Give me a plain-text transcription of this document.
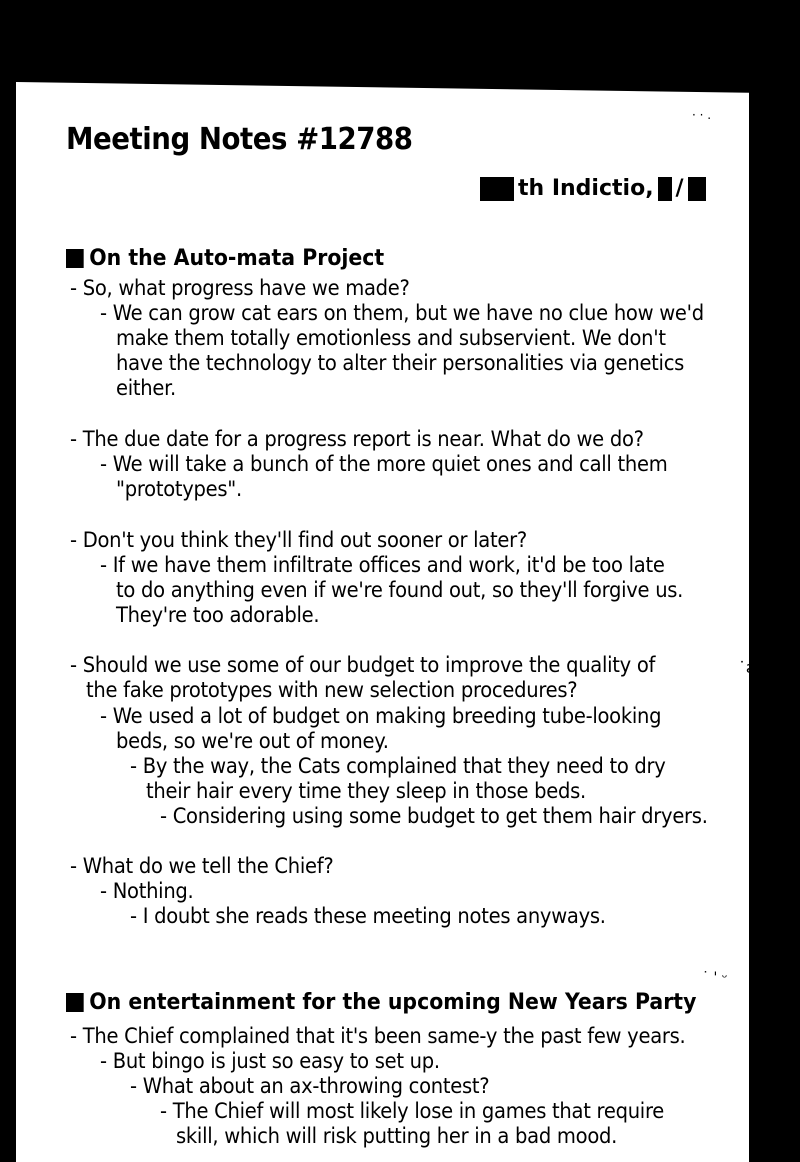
Meeting Notes #12788
th Indictio, /
On the Auto-mata Project
- So, what progress have we made?
- We can grow cat ears on them, but we have no clue how we'd
make them totally emotionless and subservient. We don't
have the technology to alter their personalities via genetics
either.
- The due date for a progress report is near. What do we do?
- We will take a bunch of the more quiet ones and call them
"prototypes".
- Don't you think they'll find out sooner or later?
- If we have them infiltrate offices and work, it'd be too late
to do anything even if we're found out, so they'll forgive us.
They're too adorable.
- Should we use some of our budget to improve the quality of
the fake prototypes with new selection procedures?
- We used a lot of budget on making breeding tube-looking
beds, so we're out of money.
- By the way, the Cats complained that they need to dry
their hair every time they sleep in those beds.
- Considering using some budget to get them hair dryers.
- What do we tell the Chief?
- Nothing.
- I doubt she reads these meeting notes anyways.
On entertainment for the upcoming New Years Party
- The Chief complained that it's been same-y the past few years.
- But bingo is just so easy to set up.
- What about an ax-throwing contest?
- The Chief will most likely lose in games that require
skill, which will risk putting her in a bad mood.
·՛
· · .
˙ƨ
˙ ' ᵕ
